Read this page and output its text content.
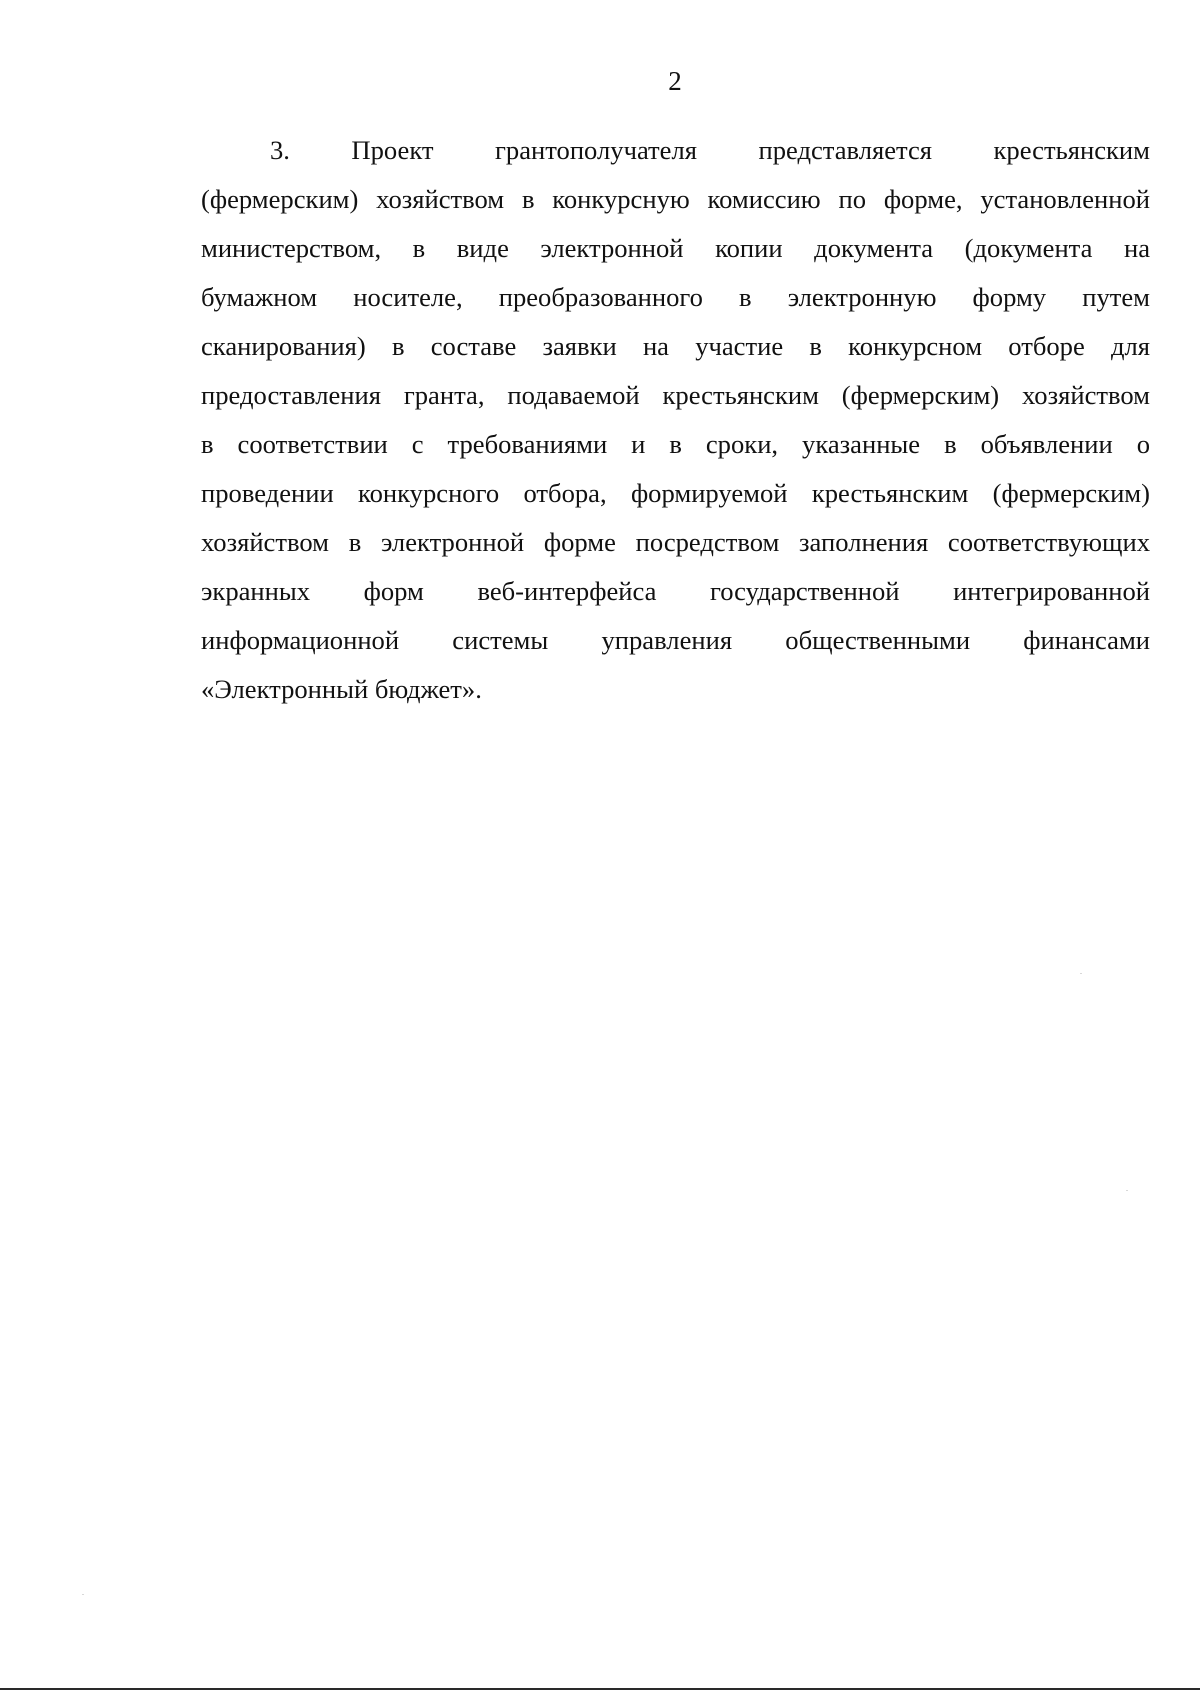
2
3. Проект грантополучателя представляется крестьянским
(фермерским) хозяйством в конкурсную комиссию по форме, установленной
министерством, в виде электронной копии документа (документа на
бумажном носителе, преобразованного в электронную форму путем
сканирования) в составе заявки на участие в конкурсном отборе для
предоставления гранта, подаваемой крестьянским (фермерским) хозяйством
в соответствии с требованиями и в сроки, указанные в объявлении о
проведении конкурсного отбора, формируемой крестьянским (фермерским)
хозяйством в электронной форме посредством заполнения соответствующих
экранных форм веб-интерфейса государственной интегрированной
информационной системы управления общественными финансами
«Электронный бюджет».
